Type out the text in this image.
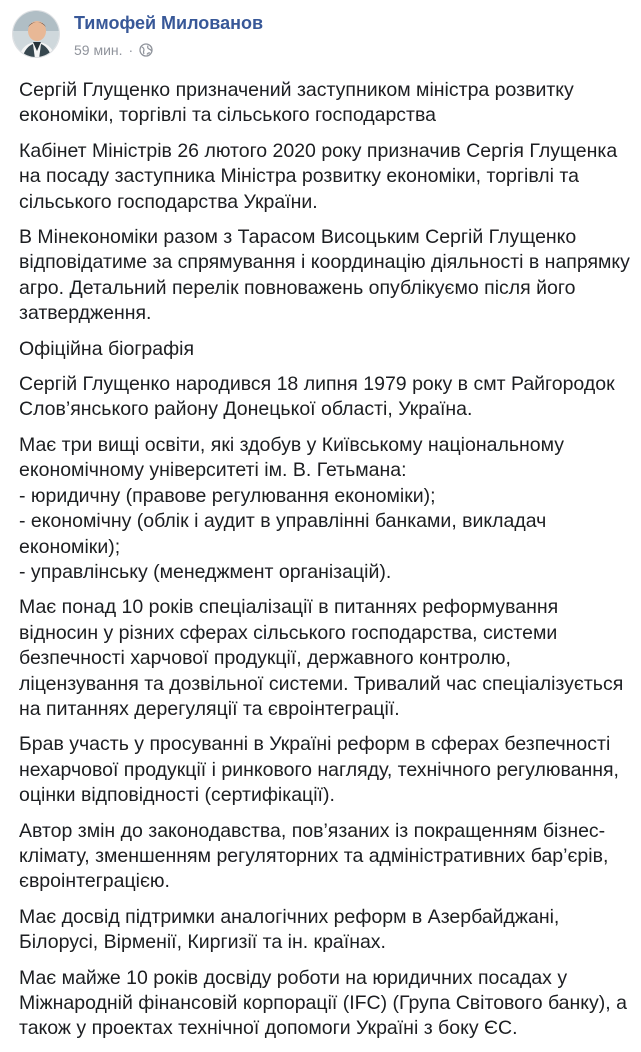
Тимофей Милованов
59 мин. ·

Сергій Глущенко призначений заступником міністра розвитку економіки, торгівлі та сільського господарства

Кабінет Міністрів 26 лютого 2020 року призначив Сергія Глущенка на посаду заступника Міністра розвитку економіки, торгівлі та сільського господарства України.

В Мінекономіки разом з Тарасом Висоцьким Сергій Глущенко відповідатиме за спрямування і координацію діяльності в напрямку агро. Детальний перелік повноважень опублікуємо після його затвердження.

Офіційна біографія

Сергій Глущенко народився 18 липня 1979 року в смт Райгородок Слов’янського району Донецької області, Україна.

Має три вищі освіти, які здобув у Київському національному економічному університеті ім. В. Гетьмана:
- юридичну (правове регулювання економіки);
- економічну (облік і аудит в управлінні банками, викладач економіки);
- управлінську (менеджмент організацій).

Має понад 10 років спеціалізації в питаннях реформування відносин у різних сферах сільського господарства, системи безпечності харчової продукції, державного контролю, ліцензування та дозвільної системи. Тривалий час спеціалізується на питаннях дерегуляції та євроінтеграції.

Брав участь у просуванні в Україні реформ в сферах безпечності нехарчової продукції і ринкового нагляду, технічного регулювання, оцінки відповідності (сертифікації).

Автор змін до законодавства, пов’язаних із покращенням бізнес-клімату, зменшенням регуляторних та адміністративних бар’єрів, євроінтеграцією.

Має досвід підтримки аналогічних реформ в Азербайджані, Білорусі, Вірменії, Киргизії та ін. країнах.

Має майже 10 років досвіду роботи на юридичних посадах у Міжнародній фінансовій корпорації (IFC) (Група Світового банку), а також у проектах технічної допомоги Україні з боку ЄС.
